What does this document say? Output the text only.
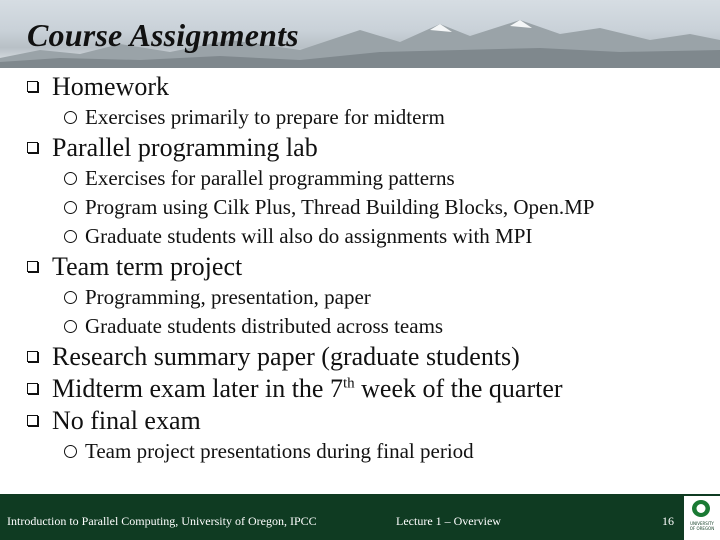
Course Assignments
Homework
Exercises primarily to prepare for midterm
Parallel programming lab
Exercises for parallel programming patterns
Program using Cilk Plus, Thread Building Blocks, Open.MP
Graduate students will also do assignments with MPI
Team term project
Programming, presentation, paper
Graduate students distributed across teams
Research summary paper (graduate students)
Midterm exam later in the 7th week of the quarter
No final exam
Team project presentations during final period
Introduction to Parallel Computing, University of Oregon, IPCC	Lecture 1 – Overview	16	UNIVERSITY
OF OREGON
